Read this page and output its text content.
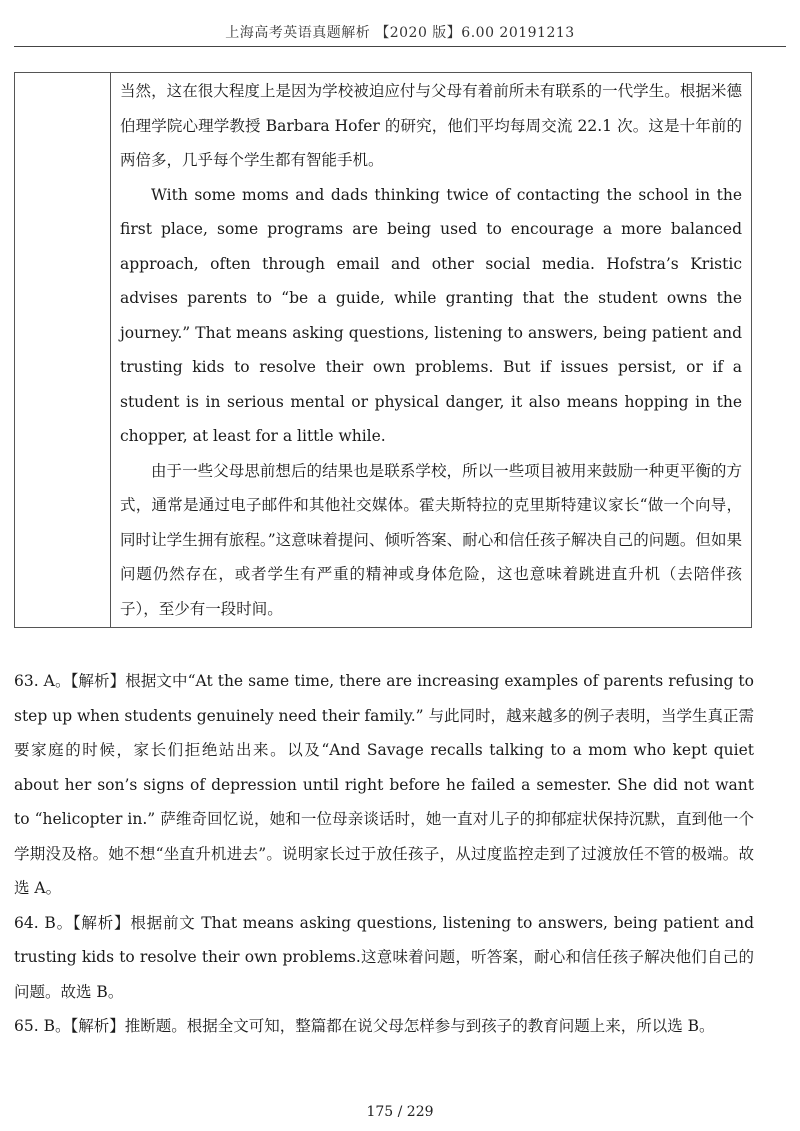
上海高考英语真题解析 【2020 版】6.00 20191213

当然，这在很大程度上是因为学校被迫应付与父母有着前所未有联系的一代学生。根据米德伯理学院心理学教授 Barbara Hofer 的研究，他们平均每周交流 22.1 次。这是十年前的两倍多，几乎每个学生都有智能手机。

With some moms and dads thinking twice of contacting the school in the first place, some programs are being used to encourage a more balanced approach, often through email and other social media. Hofstra’s Kristic advises parents to “be a guide, while granting that the student owns the journey.” That means asking questions, listening to answers, being patient and trusting kids to resolve their own problems. But if issues persist, or if a student is in serious mental or physical danger, it also means hopping in the chopper, at least for a little while.

由于一些父母思前想后的结果也是联系学校，所以一些项目被用来鼓励一种更平衡的方式，通常是通过电子邮件和其他社交媒体。霍夫斯特拉的克里斯特建议家长“做一个向导，同时让学生拥有旅程。”这意味着提问、倾听答案、耐心和信任孩子解决自己的问题。但如果问题仍然存在，或者学生有严重的精神或身体危险，这也意味着跳进直升机（去陪伴孩子），至少有一段时间。

63. A。【解析】根据文中“At the same time, there are increasing examples of parents refusing to step up when students genuinely need their family.” 与此同时，越来越多的例子表明，当学生真正需要家庭的时候，家长们拒绝站出来。以及“And Savage recalls talking to a mom who kept quiet about her son’s signs of depression until right before he failed a semester. She did not want to “helicopter in.” 萨维奇回忆说，她和一位母亲谈话时，她一直对儿子的抑郁症状保持沉默，直到他一个学期没及格。她不想“坐直升机进去”。说明家长过于放任孩子，从过度监控走到了过渡放任不管的极端。故选 A。

64. B。【解析】根据前文 That means asking questions, listening to answers, being patient and trusting kids to resolve their own problems.这意味着问题，听答案，耐心和信任孩子解决他们自己的问题。故选 B。

65. B。【解析】推断题。根据全文可知，整篇都在说父母怎样参与到孩子的教育问题上来，所以选 B。

175 / 229
